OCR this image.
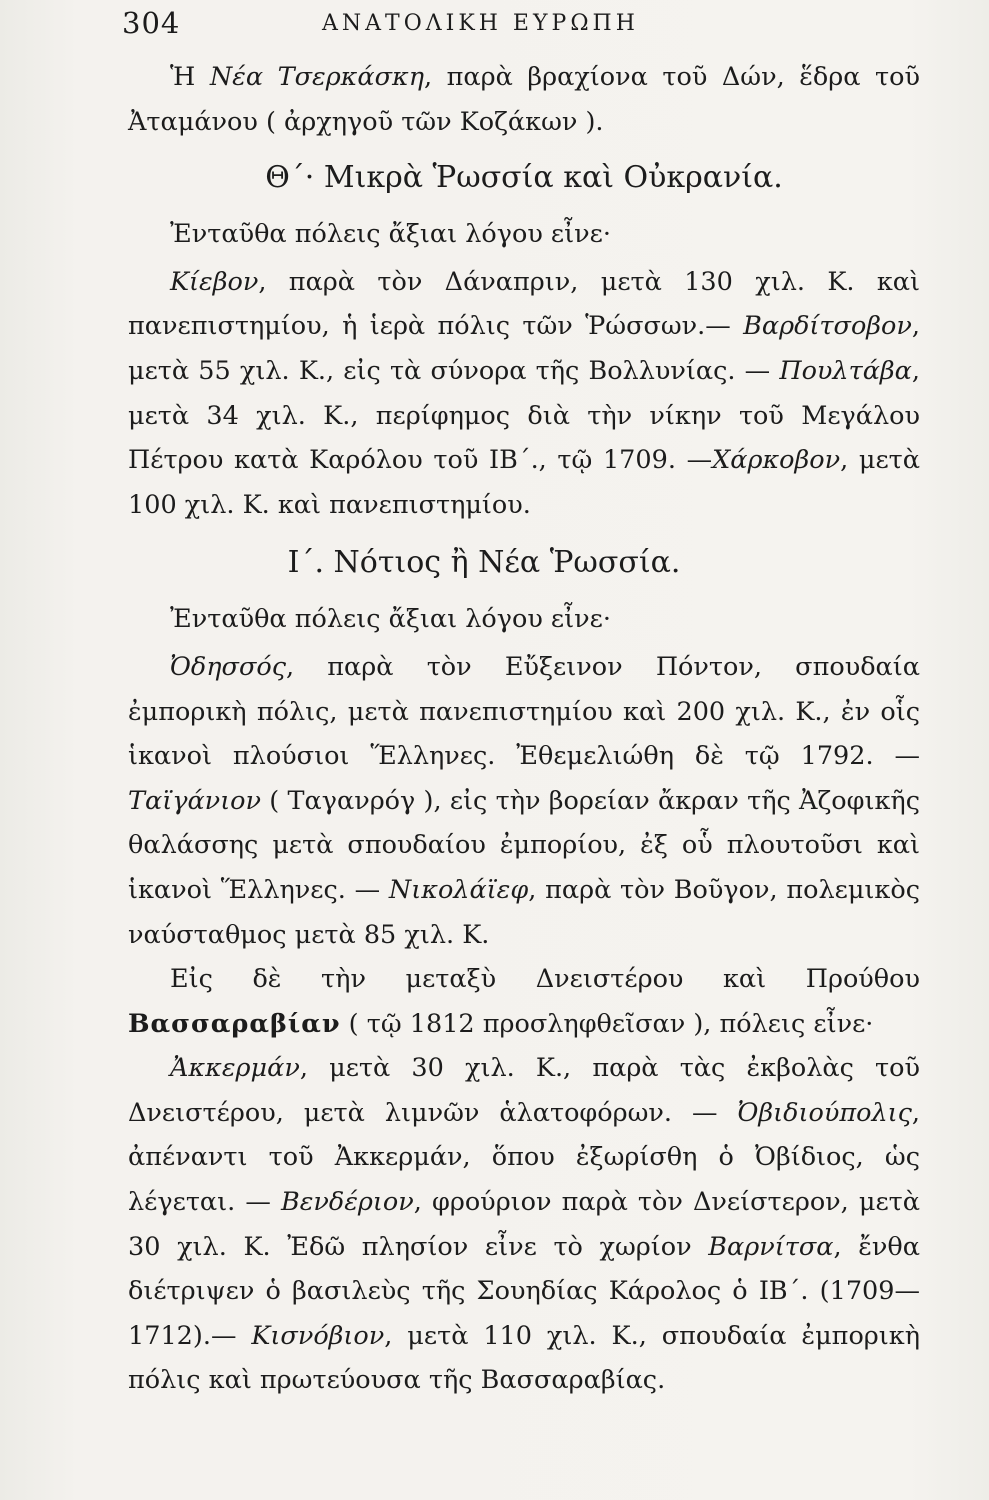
304	ΑΝΑΤΟΛΙΚΗ ΕΥΡΩΠΗ

Ἡ Νέα Τσερκάσκη, παρὰ βραχίονα τοῦ Δών, ἕδρα τοῦ Ἀταμάνου ( ἀρχηγοῦ τῶν Κοζάκων ).

Θ΄· Μικρὰ Ῥωσσία καὶ Οὐκρανία.

Ἐνταῦθα πόλεις ἄξιαι λόγου εἶνε·

Κίεβον, παρὰ τὸν Δάναπριν, μετὰ 130 χιλ. Κ. καὶ πανεπιστημίου, ἡ ἱερὰ πόλις τῶν Ῥώσσων.— Βαρδίτσοβον, μετὰ 55 χιλ. Κ., εἰς τὰ σύνορα τῆς Βολλυνίας. — Πουλτάβα, μετὰ 34 χιλ. Κ., περίφημος διὰ τὴν νίκην τοῦ Μεγάλου Πέτρου κατὰ Καρόλου τοῦ ΙΒ΄., τῷ 1709. —Χάρκοβον, μετὰ 100 χιλ. Κ. καὶ πανεπιστημίου.

Ι΄. Νότιος ἢ Νέα Ῥωσσία.

Ἐνταῦθα πόλεις ἄξιαι λόγου εἶνε·

Ὀδησσός, παρὰ τὸν Εὔξεινον Πόντον, σπουδαία ἐμπορικὴ πόλις, μετὰ πανεπιστημίου καὶ 200 χιλ. Κ., ἐν οἷς ἱκανοὶ πλούσιοι Ἕλληνες. Ἐθεμελιώθη δὲ τῷ 1792. — Ταϊγάνιον ( Ταγανρόγ ), εἰς τὴν βορείαν ἄκραν τῆς Ἀζοφικῆς θαλάσσης μετὰ σπουδαίου ἐμπορίου, ἐξ οὗ πλουτοῦσι καὶ ἱκανοὶ Ἕλληνες. — Νικολάϊεφ, παρὰ τὸν Βοῦγον, πολεμικὸς ναύσταθμος μετὰ 85 χιλ. Κ.

Εἰς δὲ τὴν μεταξὺ Δνειστέρου καὶ Προύθου Βασσαραβίαν ( τῷ 1812 προσληφθεῖσαν ), πόλεις εἶνε·

Ἀκκερμάν, μετὰ 30 χιλ. Κ., παρὰ τὰς ἐκβολὰς τοῦ Δνειστέρου, μετὰ λιμνῶν ἁλατοφόρων. — Ὀβιδιούπολις, ἀπέναντι τοῦ Ἀκκερμάν, ὅπου ἐξωρίσθη ὁ Ὀβίδιος, ὡς λέγεται. — Βενδέριον, φρούριον παρὰ τὸν Δνείστερον, μετὰ 30 χιλ. Κ. Ἐδῶ πλησίον εἶνε τὸ χωρίον Βαρνίτσα, ἔνθα διέτριψεν ὁ βασιλεὺς τῆς Σουηδίας Κάρολος ὁ ΙΒ΄. (1709—1712).— Κισνόβιον, μετὰ 110 χιλ. Κ., σπουδαία ἐμπορικὴ πόλις καὶ πρωτεύουσα τῆς Βασσαραβίας.
